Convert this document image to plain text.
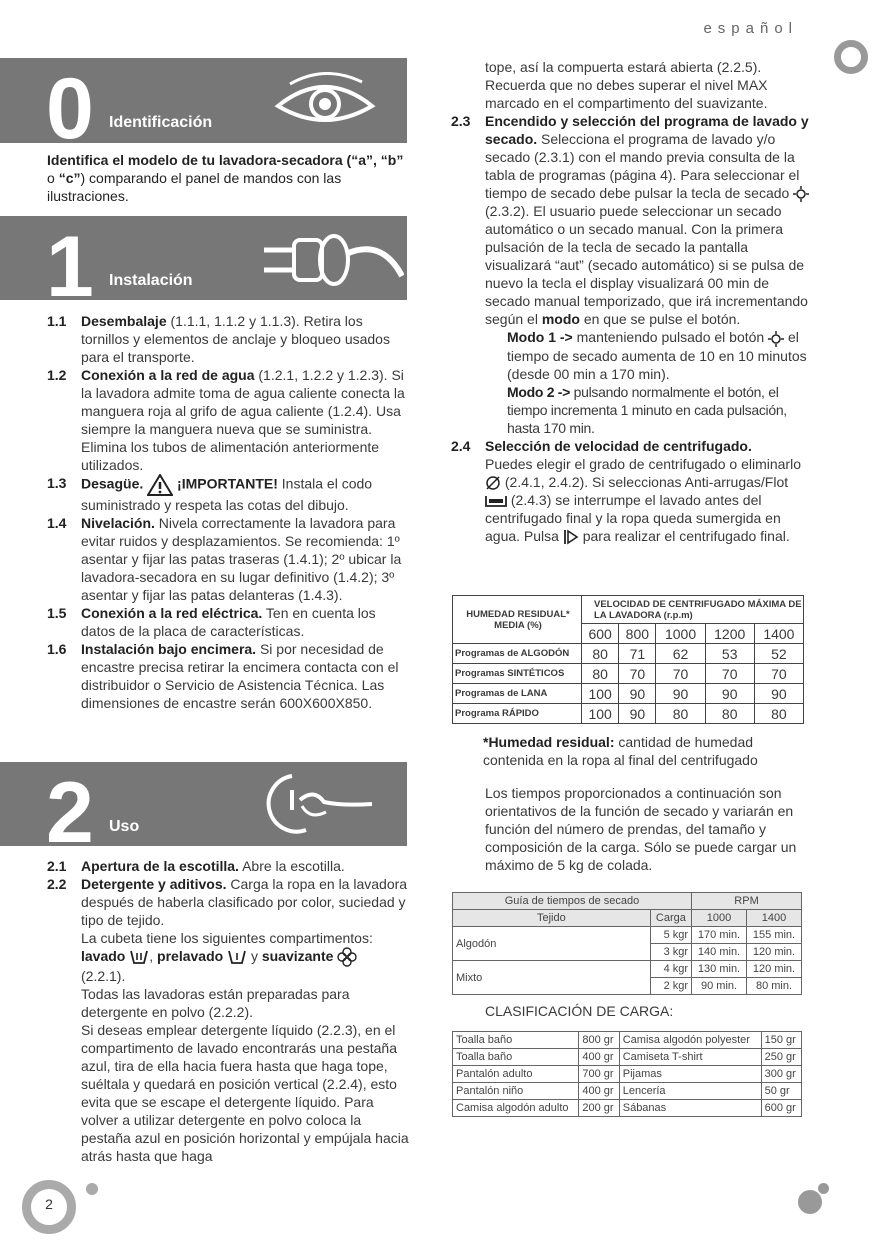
español
0 Identificación
Identifica el modelo de tu lavadora-secadora (“a”, “b” o “c”) comparando el panel de mandos con las ilustraciones.
1 Instalación
1.1 Desembalaje (1.1.1, 1.1.2 y 1.1.3). Retira los tornillos y elementos de anclaje y bloqueo usados para el transporte.
1.2 Conexión a la red de agua (1.2.1, 1.2.2 y 1.2.3). Si la lavadora admite toma de agua caliente conecta la manguera roja al grifo de agua caliente (1.2.4). Usa siempre la manguera nueva que se suministra. Elimina los tubos de alimentación anteriormente utilizados.
1.3 Desagüe. ¡IMPORTANTE! Instala el codo suministrado y respeta las cotas del dibujo.
1.4 Nivelación. Nivela correctamente la lavadora para evitar ruidos y desplazamientos. Se recomienda: 1º asentar y fijar las patas traseras (1.4.1); 2º ubicar la lavadora-secadora en su lugar definitivo (1.4.2); 3º asentar y fijar las patas delanteras (1.4.3).
1.5 Conexión a la red eléctrica. Ten en cuenta los datos de la placa de características.
1.6 Instalación bajo encimera. Si por necesidad de encastre precisa retirar la encimera contacta con el distribuidor o Servicio de Asistencia Técnica. Las dimensiones de encastre serán 600X600X850.
2 Uso
2.1 Apertura de la escotilla. Abre la escotilla.
2.2 Detergente y aditivos. Carga la ropa en la lavadora después de haberla clasificado por color, suciedad y tipo de tejido.

La cubeta tiene los siguientes compartimentos:

lavado , prelavado  y suavizante

(2.2.1).

Todas las lavadoras están preparadas para detergente en polvo (2.2.2).

Si deseas emplear detergente líquido (2.2.3), en el compartimento de lavado encontrarás una pestaña azul, tira de ella hacia fuera hasta que haga tope, suéltala y quedará en posición vertical (2.2.4), esto evita que se escape el detergente líquido. Para volver a utilizar detergente en polvo coloca la pestaña azul en posición horizontal y empújala hacia atrás hasta que haga

tope, así la compuerta estará abierta (2.2.5). Recuerda que no debes superar el nivel MAX marcado en el compartimento del suavizante.

2.3 Encendido y selección del programa de lavado y secado. Selecciona el programa de lavado y/o secado (2.3.1) con el mando previa consulta de la tabla de programas (página 4). Para seleccionar el tiempo de secado debe pulsar la tecla de secado  (2.3.2). El usuario puede seleccionar un secado automático o un secado manual. Con la primera pulsación de la tecla de secado la pantalla visualizará “aut” (secado automático) si se pulsa de nuevo la tecla el display visualizará 00 min de secado manual temporizado, que irá incrementando según el modo en que se pulse el botón.
Modo 1 -> manteniendo pulsado el botón  el tiempo de secado aumenta de 10 en 10 minutos (desde 00 min a 170 min).
Modo 2 -> pulsando normalmente el botón, el tiempo incrementa 1 minuto en cada pulsación, hasta 170 min.
2.4 Selección de velocidad de centrifugado.

Puedes elegir el grado de centrifugado o eliminarlo  (2.4.1, 2.4.2). Si seleccionas Anti-arrugas/Flot  (2.4.3) se interrumpe el lavado antes del centrifugado final y la ropa queda sumergida en agua. Pulsa  para realizar el centrifugado final.

HUMEDAD RESIDUAL* MEDIA (%)	VELOCIDAD DE CENTRIFUGADO MÁXIMA DE LA LAVADORA (r.p.m)				
	600	800	1000	1200	1400
Programas de ALGODÓN	80	71	62	53	52
Programas SINTÉTICOS	80	70	70	70	70
Programas de LANA	100	90	90	90	90
Programa RÁPIDO	100	90	80	80	80
*Humedad residual: cantidad de humedad contenida en la ropa al final del centrifugado
Los tiempos proporcionados a continuación son orientativos de la función de secado y variarán en función del número de prendas, del tamaño y composición de la carga. Sólo se puede cargar un máximo de 5 kg de colada.
Guía de tiempos de secado		RPM	
Tejido	Carga	1000	1400
Algodón	5 kgr	170 min.	155 min.
	3 kgr	140 min.	120 min.
Mixto	4 kgr	130 min.	120 min.
	2 kgr	90 min.	80 min.
CLASIFICACIÓN DE CARGA:
Toalla baño	800 gr	Camisa algodón polyester	150 gr
Toalla baño	400 gr	Camiseta T-shirt	250 gr
Pantalón adulto	700 gr	Pijamas	300 gr
Pantalón niño	400 gr	Lencería	50 gr
Camisa algodón adulto	200 gr	Sábanas	600 gr
2
